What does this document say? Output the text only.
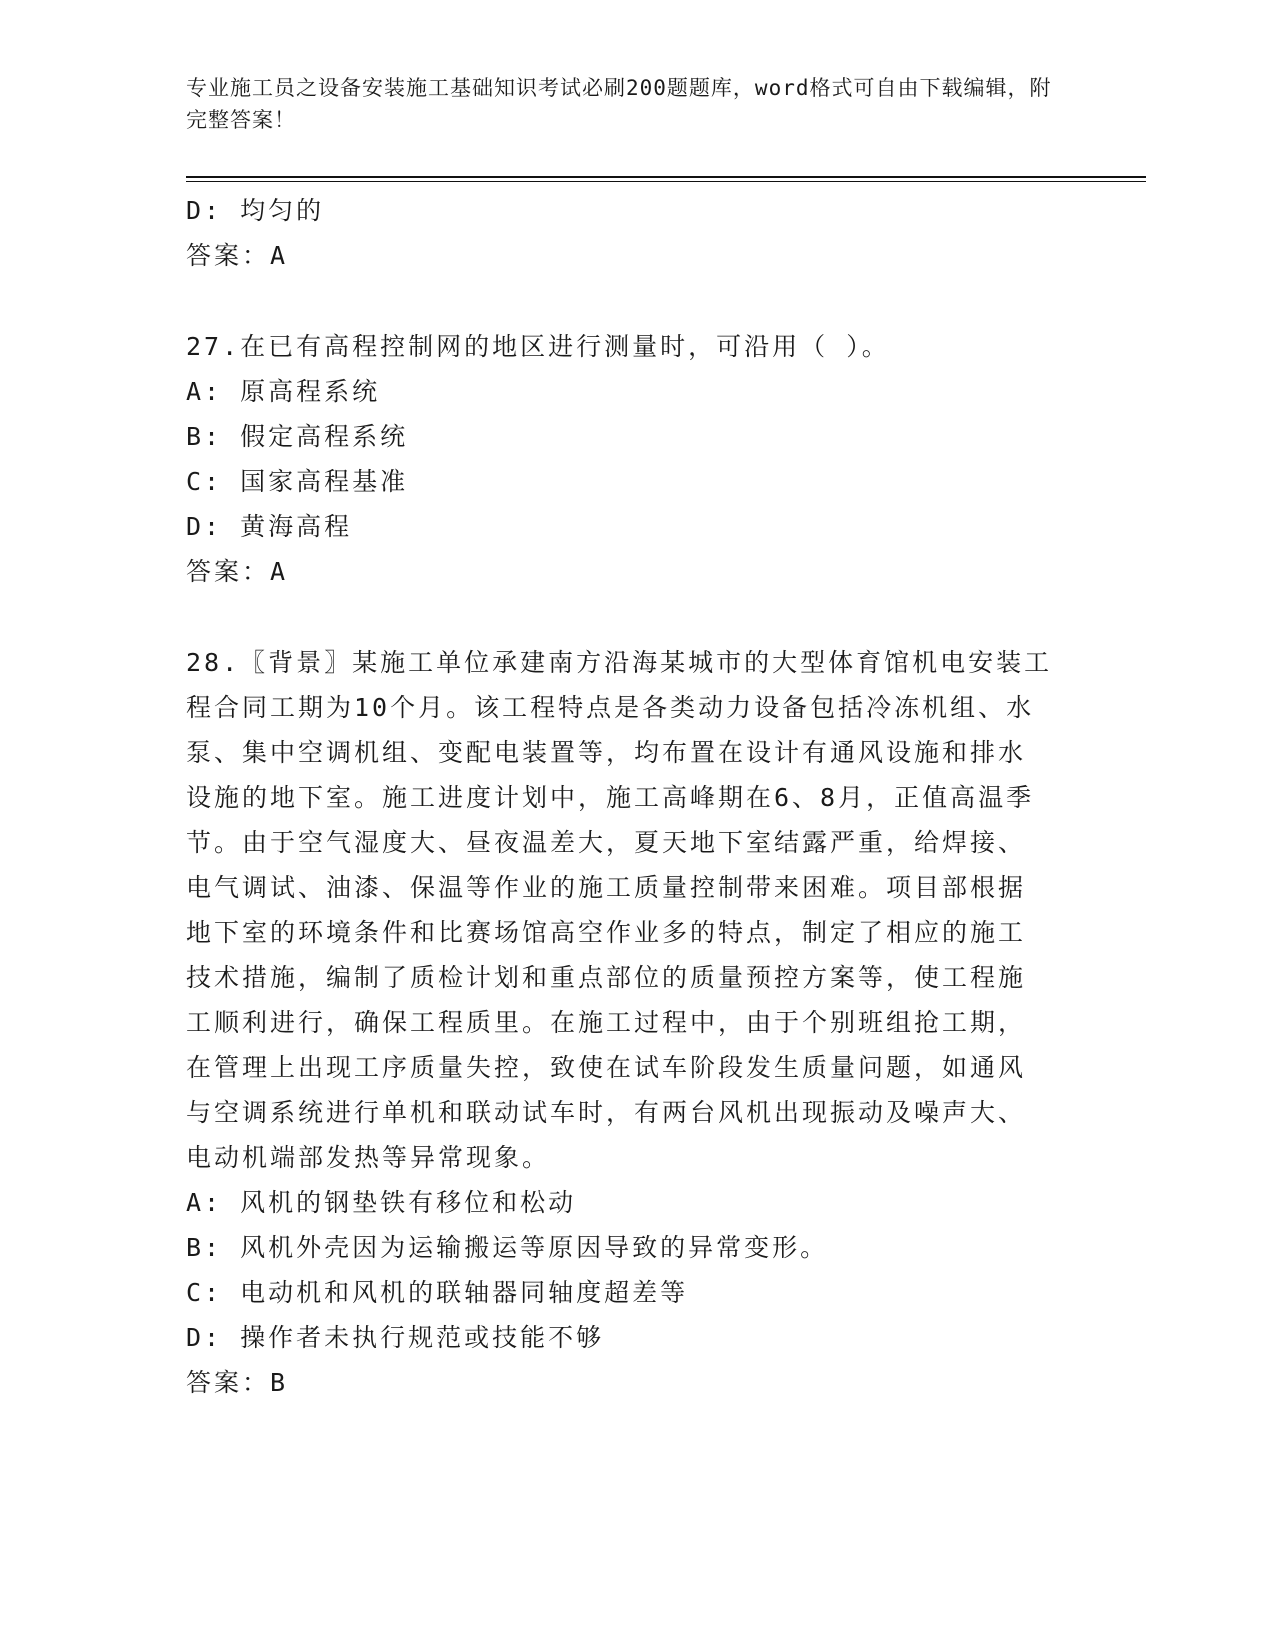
专业施工员之设备安装施工基础知识考试必刷200题题库，word格式可自由下载编辑，附完整答案！
D: 均匀的
答案：A
27.在已有高程控制网的地区进行测量时，可沿用（ ）。
A: 原高程系统
B: 假定高程系统
C: 国家高程基准
D: 黄海高程
答案：A
28.〖背景〗某施工单位承建南方沿海某城市的大型体育馆机电安装工
程合同工期为10个月。该工程特点是各类动力设备包括冷冻机组、水
泵、集中空调机组、变配电装置等，均布置在设计有通风设施和排水
设施的地下室。施工进度计划中，施工高峰期在6、8月，正值高温季
节。由于空气湿度大、昼夜温差大，夏天地下室结露严重，给焊接、
电气调试、油漆、保温等作业的施工质量控制带来困难。项目部根据
地下室的环境条件和比赛场馆高空作业多的特点，制定了相应的施工
技术措施，编制了质检计划和重点部位的质量预控方案等，使工程施
工顺利进行，确保工程质里。在施工过程中，由于个别班组抢工期，
在管理上出现工序质量失控，致使在试车阶段发生质量问题，如通风
与空调系统进行单机和联动试车时，有两台风机出现振动及噪声大、
电动机端部发热等异常现象。
A: 风机的钢垫铁有移位和松动
B: 风机外壳因为运输搬运等原因导致的异常变形。
C: 电动机和风机的联轴器同轴度超差等
D: 操作者未执行规范或技能不够
答案：B
